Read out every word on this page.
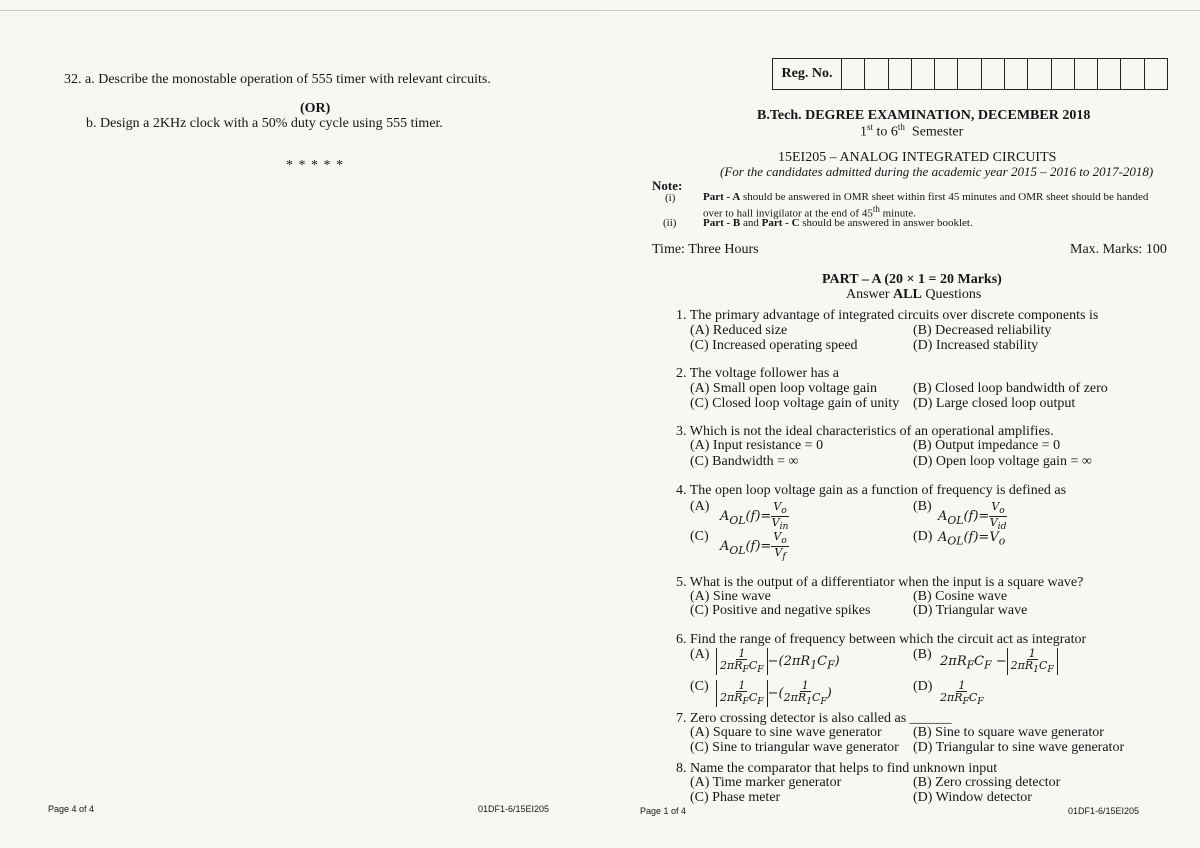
32. a. Describe the monostable operation of 555 timer with relevant circuits.
(OR)
b. Design a 2KHz clock with a 50% duty cycle using 555 timer.
* * * * *
Page 4 of 4	01DF1-6/15EI205
Reg. No.
B.Tech. DEGREE EXAMINATION, DECEMBER 2018
1st to 6th  Semester
15EI205 – ANALOG INTEGRATED CIRCUITS
(For the candidates admitted during the academic year 2015 – 2016 to 2017-2018)
Note:
(i)	Part - A should be answered in OMR sheet within first 45 minutes and OMR sheet should be handed
over to hall invigilator at the end of 45th minute.
(ii) Part - B and Part - C should be answered in answer booklet.
Time: Three Hours	Max. Marks: 100
PART – A (20 × 1 = 20 Marks)
Answer ALL Questions
1. The primary advantage of integrated circuits over discrete components is
(A) Reduced size	(B) Decreased reliability
(C) Increased operating speed	(D) Increased stability
2. The voltage follower has a
(A) Small open loop voltage gain	(B) Closed loop bandwidth of zero
(C) Closed loop voltage gain of unity (D) Large closed loop output
3. Which is not the ideal characteristics of an operational amplifies.
(A) Input resistance = 0	(B) Output impedance = 0
(C) Bandwidth = ∞	(D) Open loop voltage gain = ∞
4. The open loop voltage gain as a function of frequency is defined as
(A)
$A_{OL}(f)= \frac{V_o}{V_{in}}$	(B)
$A_{OL}(f)= \frac{V_o}{V_{id}}$
(C)
$A_{OL}(f)= \frac{V_o}{V_f}$	(D) $A_{OL}(f)=V_o$
5. What is the output of a differentiator when the input is a square wave?
(A) Sine wave	(B) Cosine wave
(C) Positive and negative spikes	(D) Triangular wave
6. Find the range of frequency between which the circuit act as integrator
$(A) \frac{1}{2\pi R_FC_F} -(2\pi R_1C_F)$	(B) $2\pi R_FC_F - \frac{1}{2\pi R_1C_F}$
$(C) \frac{1}{2\pi R_FC_F}$ −( $\frac{1}{2\pi R_1C_F}$ )	$(D) \frac{1}{2\pi R_FC_F}$
7. Zero crossing detector is also called as ______
(A) Square to sine wave generator (B) Sine to square wave generator
(C) Sine to triangular wave generator (D) Triangular to sine wave generator
8. Name the comparator that helps to find unknown input
(A) Time marker generator	(B) Zero crossing detector
(C) Phase meter	(D) Window detector
Page 1 of 4	01DF1-6/15EI205
